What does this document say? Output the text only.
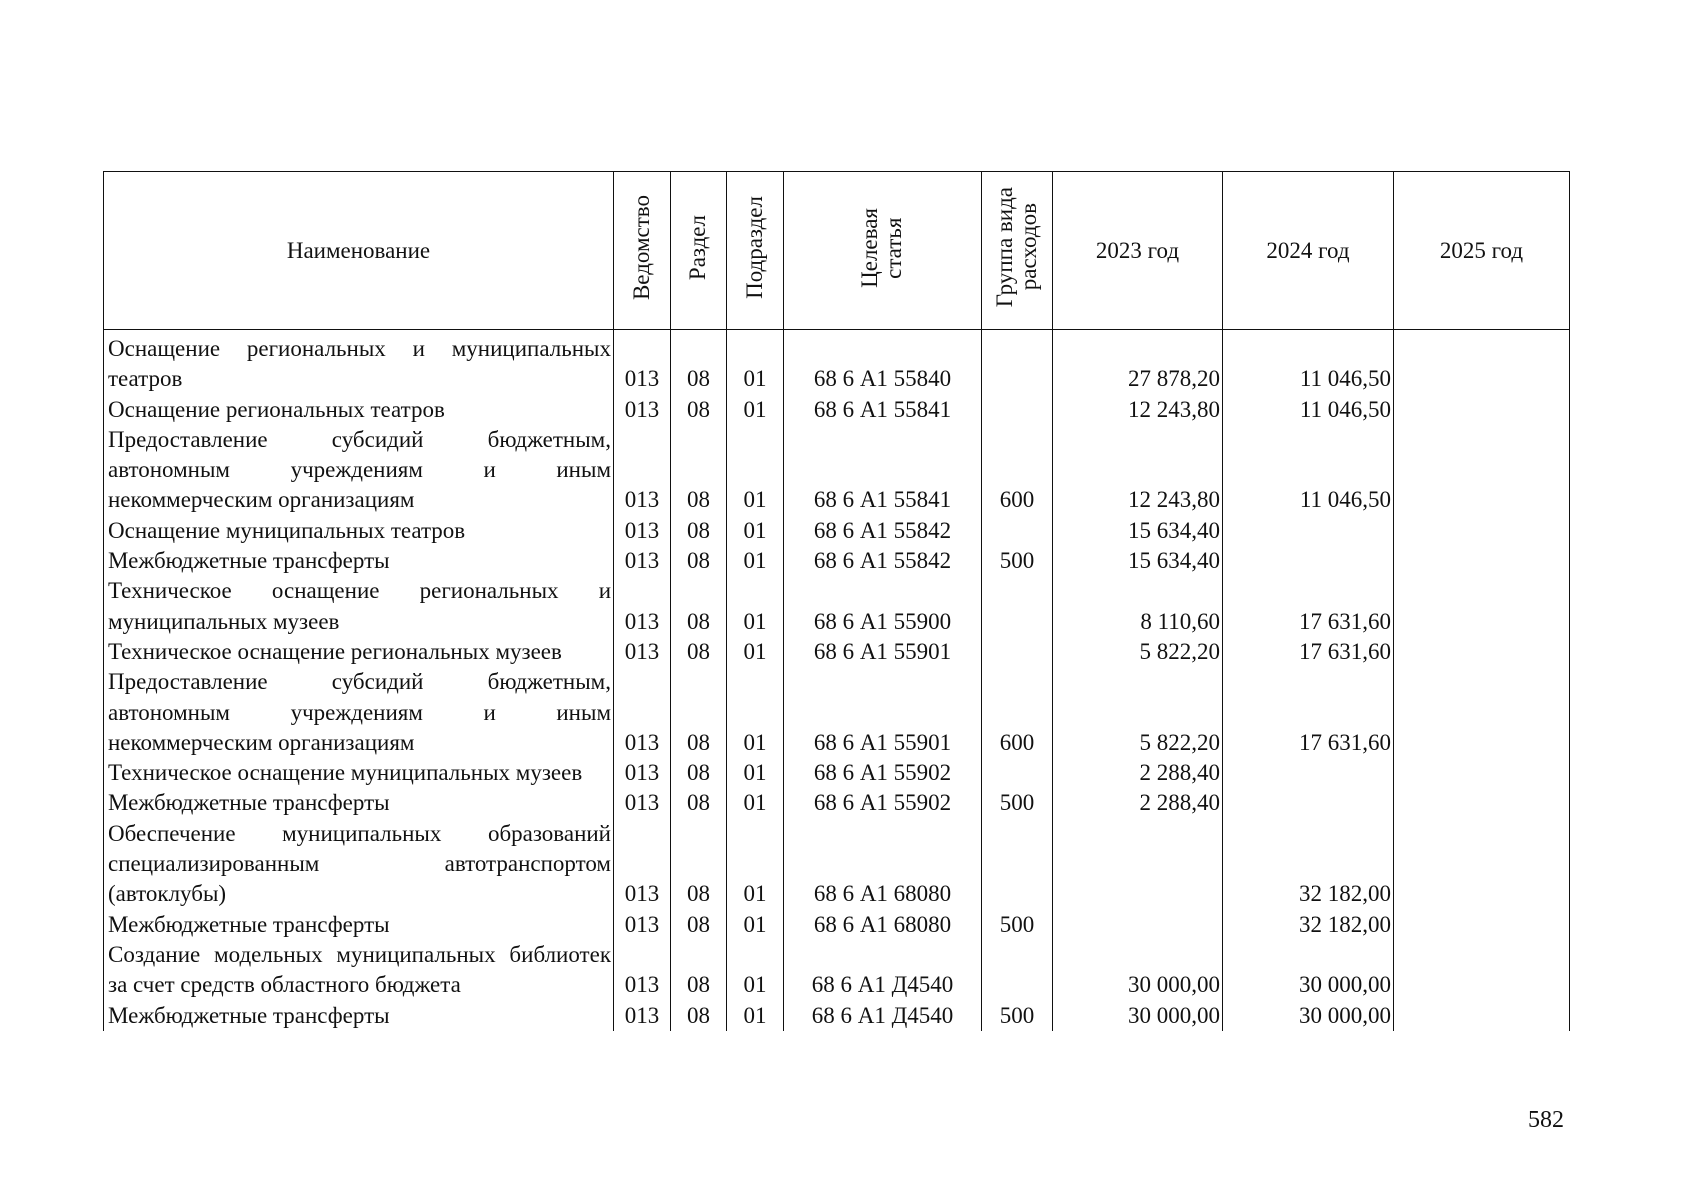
Наименование	Ведомство	Раздел	Подраздел	Целевая статья	Группа вида расходов	2023 год	2024 год	2025 год
Оснащение региональных и муниципальных театров	013	08	01	68 6 А1 55840		27 878,20	11 046,50	
Оснащение региональных театров	013	08	01	68 6 А1 55841		12 243,80	11 046,50	
Предоставление субсидий бюджетным, автономным учреждениям и иным некоммерческим организациям	013	08	01	68 6 А1 55841	600	12 243,80	11 046,50	
Оснащение муниципальных театров	013	08	01	68 6 А1 55842		15 634,40		
Межбюджетные трансферты	013	08	01	68 6 А1 55842	500	15 634,40		
Техническое оснащение региональных и муниципальных музеев	013	08	01	68 6 А1 55900		8 110,60	17 631,60	
Техническое оснащение региональных музеев	013	08	01	68 6 А1 55901		5 822,20	17 631,60	
Предоставление субсидий бюджетным, автономным учреждениям и иным некоммерческим организациям	013	08	01	68 6 А1 55901	600	5 822,20	17 631,60	
Техническое оснащение муниципальных музеев	013	08	01	68 6 А1 55902		2 288,40		
Межбюджетные трансферты	013	08	01	68 6 А1 55902	500	2 288,40		
Обеспечение муниципальных образований специализированным автотранспортом (автоклубы)	013	08	01	68 6 А1 68080			32 182,00	
Межбюджетные трансферты	013	08	01	68 6 А1 68080	500		32 182,00	
Создание модельных муниципальных библиотек за счет средств областного бюджета	013	08	01	68 6 А1 Д4540		30 000,00	30 000,00	
Межбюджетные трансферты	013	08	01	68 6 А1 Д4540	500	30 000,00	30 000,00	
582
